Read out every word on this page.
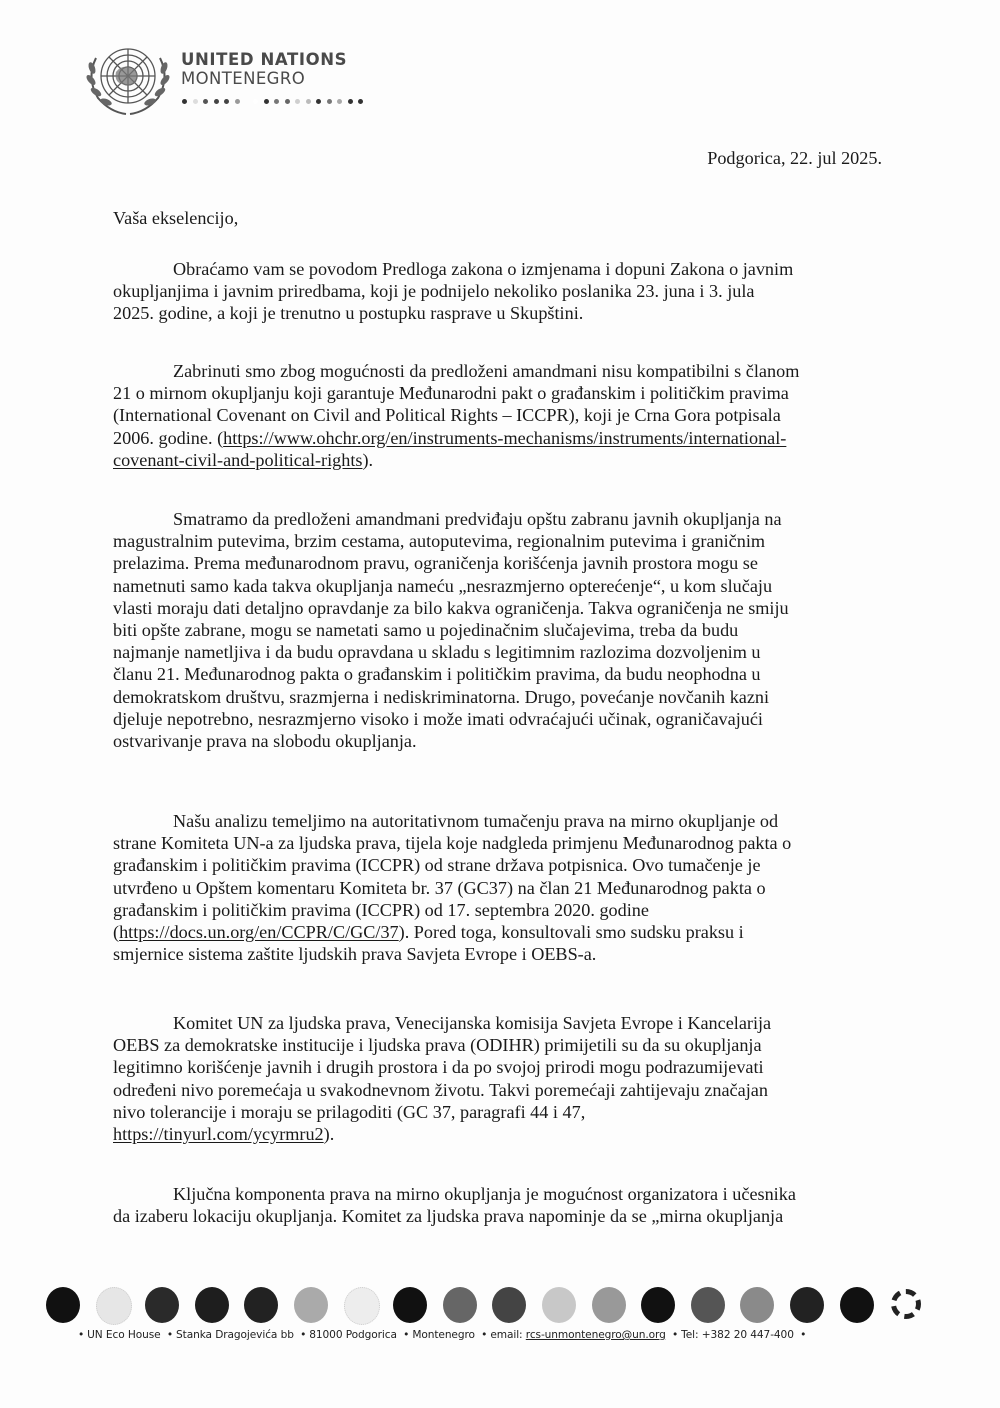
UNITED NATIONS
MONTENEGRO
Podgorica, 22. jul 2025.
Vaša ekselencijo,
Obraćamo vam se povodom Predloga zakona o izmjenama i dopuni Zakona o javnim
okupljanjima i javnim priredbama, koji je podnijelo nekoliko poslanika 23. juna i 3. jula
2025. godine, a koji je trenutno u postupku rasprave u Skupštini.
Zabrinuti smo zbog mogućnosti da predloženi amandmani nisu kompatibilni s članom
21 o mirnom okupljanju koji garantuje Međunarodni pakt o građanskim i političkim pravima
(International Covenant on Civil and Political Rights – ICCPR), koji je Crna Gora potpisala
2006. godine. (https://www.ohchr.org/en/instruments-mechanisms/instruments/international-
covenant-civil-and-political-rights).
Smatramo da predloženi amandmani predviđaju opštu zabranu javnih okupljanja na
magustralnim putevima, brzim cestama, autoputevima, regionalnim putevima i graničnim
prelazima. Prema međunarodnom pravu, ograničenja korišćenja javnih prostora mogu se
nametnuti samo kada takva okupljanja nameću „nesrazmjerno opterećenje“, u kom slučaju
vlasti moraju dati detaljno opravdanje za bilo kakva ograničenja. Takva ograničenja ne smiju
biti opšte zabrane, mogu se nametati samo u pojedinačnim slučajevima, treba da budu
najmanje nametljiva i da budu opravdana u skladu s legitimnim razlozima dozvoljenim u
članu 21. Međunarodnog pakta o građanskim i političkim pravima, da budu neophodna u
demokratskom društvu, srazmjerna i nediskriminatorna. Drugo, povećanje novčanih kazni
djeluje nepotrebno, nesrazmjerno visoko i može imati odvraćajući učinak, ograničavajući
ostvarivanje prava na slobodu okupljanja.
Našu analizu temeljimo na autoritativnom tumačenju prava na mirno okupljanje od
strane Komiteta UN-a za ljudska prava, tijela koje nadgleda primjenu Međunarodnog pakta o
građanskim i političkim pravima (ICCPR) od strane država potpisnica. Ovo tumačenje je
utvrđeno u Opštem komentaru Komiteta br. 37 (GC37) na član 21 Međunarodnog pakta o
građanskim i političkim pravima (ICCPR) od 17. septembra 2020. godine
(https://docs.un.org/en/CCPR/C/GC/37). Pored toga, konsultovali smo sudsku praksu i
smjernice sistema zaštite ljudskih prava Savjeta Evrope i OEBS-a.
Komitet UN za ljudska prava, Venecijanska komisija Savjeta Evrope i Kancelarija
OEBS za demokratske institucije i ljudska prava (ODIHR) primijetili su da su okupljanja
legitimno korišćenje javnih i drugih prostora i da po svojoj prirodi mogu podrazumijevati
određeni nivo poremećaja u svakodnevnom životu. Takvi poremećaji zahtijevaju značajan
nivo tolerancije i moraju se prilagoditi (GC 37, paragrafi 44 i 47,
https://tinyurl.com/ycyrmru2).
Ključna komponenta prava na mirno okupljanja je mogućnost organizatora i učesnika
da izaberu lokaciju okupljanja. Komitet za ljudska prava napominje da se „mirna okupljanja
• UN Eco House • Stanka Dragojevića bb • 81000 Podgorica • Montenegro • email: rcs-unmontenegro@un.org • Tel: +382 20 447-400 •
